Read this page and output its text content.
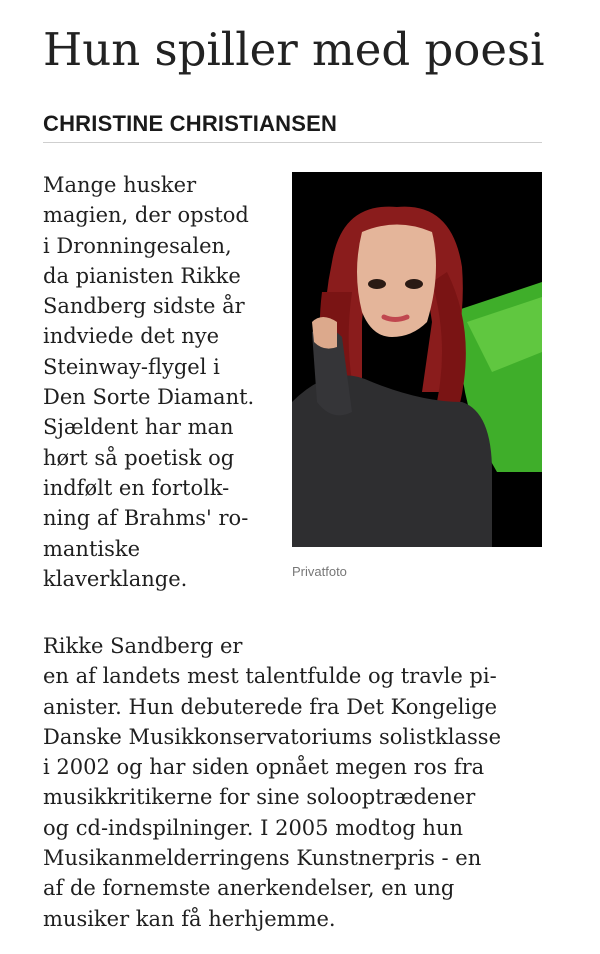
Hun spiller med poesi
CHRISTINE CHRISTIANSEN

Mange husker
magien, der opstod
i Dronningesalen,
da pianisten Rikke
Sandberg sidste år
indviede det nye
Steinway-flygel i
Den Sorte Diamant.
Sjældent har man
hørt så poetisk og
indfølt en fortolk-
ning af Brahms' ro-
mantiske
klaverklange.	Privatfoto

Rikke Sandberg er
en af landets mest talentfulde og travle pi-
anister. Hun debuterede fra Det Kongelige
Danske Musikkonservatoriums solistklasse
i 2002 og har siden opnået megen ros fra
musikkritikerne for sine solooptrædener
og cd-indspilninger. I 2005 modtog hun
Musikanmelderringens Kunstnerpris - en
af de fornemste anerkendelser, en ung
musiker kan få herhjemme.
